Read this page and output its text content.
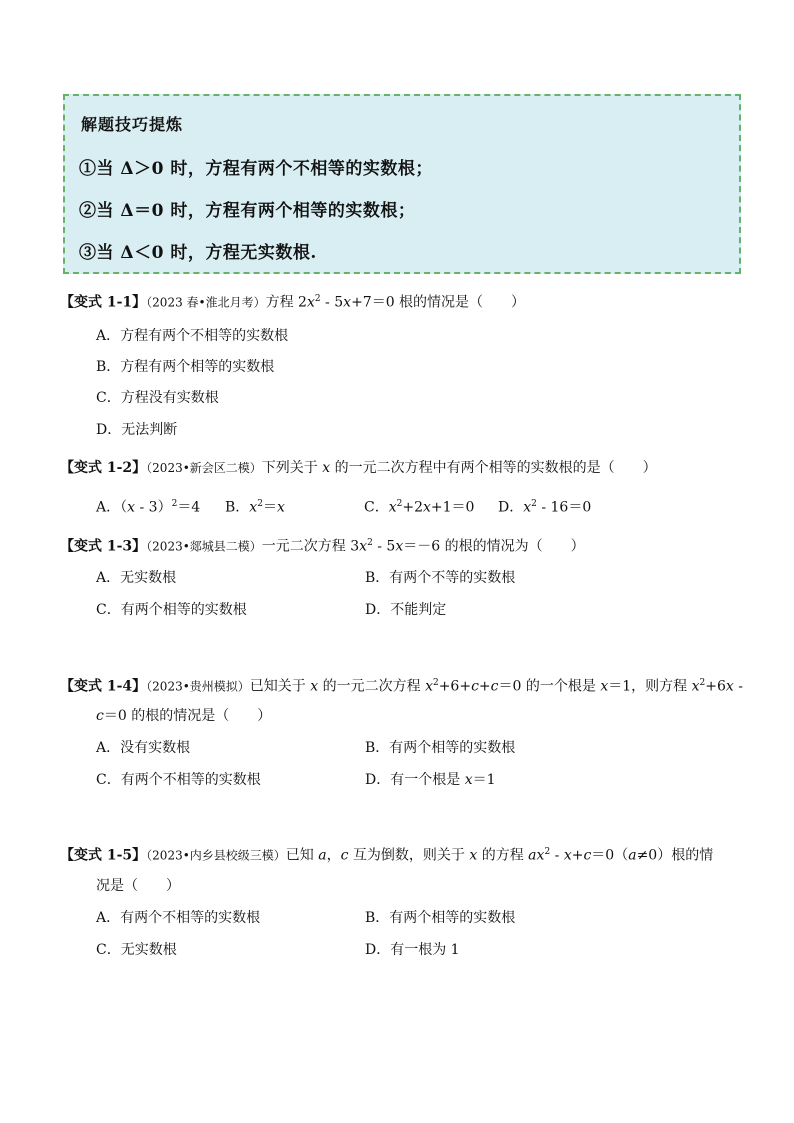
解题技巧提炼
①当 Δ＞0 时，方程有两个不相等的实数根；
②当 Δ＝0 时，方程有两个相等的实数根；
③当 Δ＜0 时，方程无实数根.
【变式 1-1】（2023 春•淮北月考）方程 $2x^2 - 5x+7=0$ 根的情况是（　　）
A．方程有两个不相等的实数根
B．方程有两个相等的实数根
C．方程没有实数根
D．无法判断
【变式 1-2】（2023•新会区二模）下列关于 x 的一元二次方程中有两个相等的实数根的是（　　）
A．（x - 3）$^2$＝4 B．$x^2=x$	C．$x^2+2x+1=0$ D．$x^2 - 16=0$
【变式 1-3】（2023•郯城县二模）一元二次方程 $3x^2 - 5x=-6$ 的根的情况为（　　）
A．无实数根	B．有两个不等的实数根
C．有两个相等的实数根	D．不能判定
【变式 1-4】（2023•贵州模拟）已知关于 x 的一元二次方程 $x^2+6+c+c=0$ 的一个根是 x＝1，则方程 $x^2+6x$ -
c＝0 的根的情况是（　　）
A．没有实数根	B．有两个相等的实数根
C．有两个不相等的实数根	D．有一个根是 x＝1
【变式 1-5】（2023•内乡县校级三模）已知 a，c 互为倒数，则关于 x 的方程 $ax^2 - x+c=0(a\ne 0)$根的情
况是（　　）
A．有两个不相等的实数根	B．有两个相等的实数根
C．无实数根	D．有一根为 1
